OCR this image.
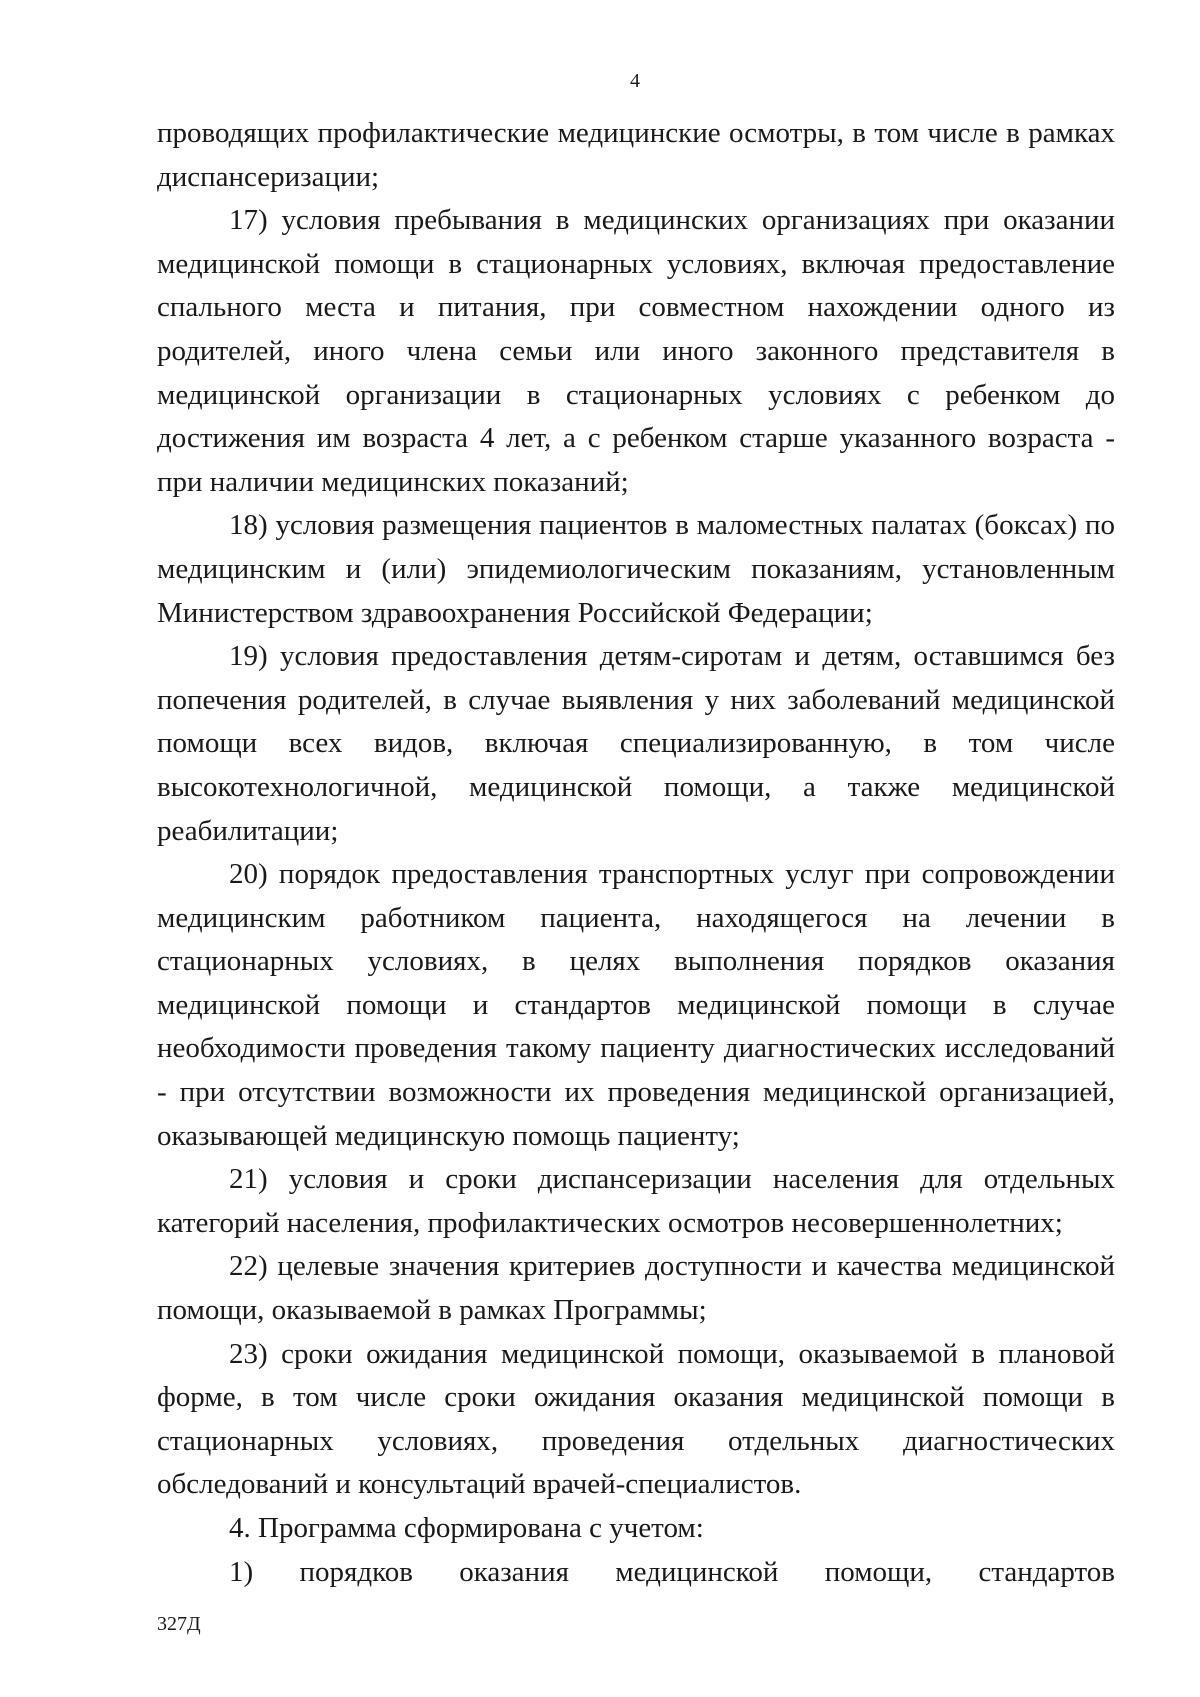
4

проводящих профилактические медицинские осмотры, в том числе в рамках диспансеризации;

17) условия пребывания в медицинских организациях при оказании медицинской помощи в стационарных условиях, включая предоставление спального места и питания, при совместном нахождении одного из родителей, иного члена семьи или иного законного представителя в медицинской организации в стационарных условиях с ребенком до достижения им возраста 4 лет, а с ребенком старше указанного возраста - при наличии медицинских показаний;

18) условия размещения пациентов в маломестных палатах (боксах) по медицинским и (или) эпидемиологическим показаниям, установленным Министерством здравоохранения Российской Федерации;

19) условия предоставления детям-сиротам и детям, оставшимся без попечения родителей, в случае выявления у них заболеваний медицинской помощи всех видов, включая специализированную, в том числе высокотехнологичной, медицинской помощи, а также медицинской реабилитации;

20) порядок предоставления транспортных услуг при сопровождении медицинским работником пациента, находящегося на лечении в стационарных условиях, в целях выполнения порядков оказания медицинской помощи и стандартов медицинской помощи в случае необходимости проведения такому пациенту диагностических исследований - при отсутствии возможности их проведения медицинской организацией, оказывающей медицинскую помощь пациенту;

21) условия и сроки диспансеризации населения для отдельных категорий населения, профилактических осмотров несовершеннолетних;

22) целевые значения критериев доступности и качества медицинской помощи, оказываемой в рамках Программы;

23) сроки ожидания медицинской помощи, оказываемой в плановой форме, в том числе сроки ожидания оказания медицинской помощи в стационарных условиях, проведения отдельных диагностических обследований и консультаций врачей-специалистов.

4. Программа сформирована с учетом:

1) порядков оказания медицинской помощи, стандартов

327Д
